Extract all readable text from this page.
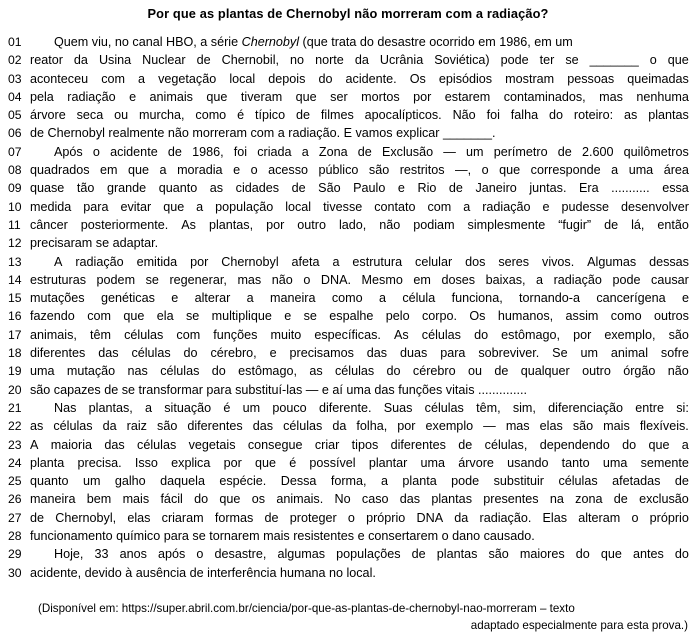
Por que as plantas de Chernobyl não morreram com a radiação?
01	Quem viu, no canal HBO, a série Chernobyl (que trata do desastre ocorrido em 1986, em um
02 reator da Usina Nuclear de Chernobil, no norte da Ucrânia Soviética) pode ter se _______ o que
03 aconteceu com a vegetação local depois do acidente. Os episódios mostram pessoas queimadas
04 pela radiação e animais que tiveram que ser mortos por estarem contaminados, mas nenhuma
05 árvore seca ou murcha, como é típico de filmes apocalípticos. Não foi falha do roteiro: as plantas
06 de Chernobyl realmente não morreram com a radiação. E vamos explicar _______.
07	Após o acidente de 1986, foi criada a Zona de Exclusão — um perímetro de 2.600 quilômetros
08 quadrados em que a moradia e o acesso público são restritos —, o que corresponde a uma área
09 quase tão grande quanto as cidades de São Paulo e Rio de Janeiro juntas. Era ........... essa
10 medida para evitar que a população local tivesse contato com a radiação e pudesse desenvolver
11 câncer posteriormente. As plantas, por outro lado, não podiam simplesmente “fugir” de lá, então
12 precisaram se adaptar.
13	A radiação emitida por Chernobyl afeta a estrutura celular dos seres vivos. Algumas dessas
14 estruturas podem se regenerar, mas não o DNA. Mesmo em doses baixas, a radiação pode causar
15 mutações genéticas e alterar a maneira como a célula funciona, tornando-a cancerígena e
16 fazendo com que ela se multiplique e se espalhe pelo corpo. Os humanos, assim como outros
17 animais, têm células com funções muito específicas. As células do estômago, por exemplo, são
18 diferentes das células do cérebro, e precisamos das duas para sobreviver. Se um animal sofre
19 uma mutação nas células do estômago, as células do cérebro ou de qualquer outro órgão não
20 são capazes de se transformar para substituí-las — e aí uma das funções vitais ..............
21	Nas plantas, a situação é um pouco diferente. Suas células têm, sim, diferenciação entre si:
22 as células da raiz são diferentes das células da folha, por exemplo — mas elas são mais flexíveis.
23 A maioria das células vegetais consegue criar tipos diferentes de células, dependendo do que a
24 planta precisa. Isso explica por que é possível plantar uma árvore usando tanto uma semente
25 quanto um galho daquela espécie. Dessa forma, a planta pode substituir células afetadas de
26 maneira bem mais fácil do que os animais. No caso das plantas presentes na zona de exclusão
27 de Chernobyl, elas criaram formas de proteger o próprio DNA da radiação. Elas alteram o próprio
28 funcionamento químico para se tornarem mais resistentes e consertarem o dano causado.
29	Hoje, 33 anos após o desastre, algumas populações de plantas são maiores do que antes do
30 acidente, devido à ausência de interferência humana no local.
(Disponível em: https://super.abril.com.br/ciencia/por-que-as-plantas-de-chernobyl-nao-morreram – texto
adaptado especialmente para esta prova.)
